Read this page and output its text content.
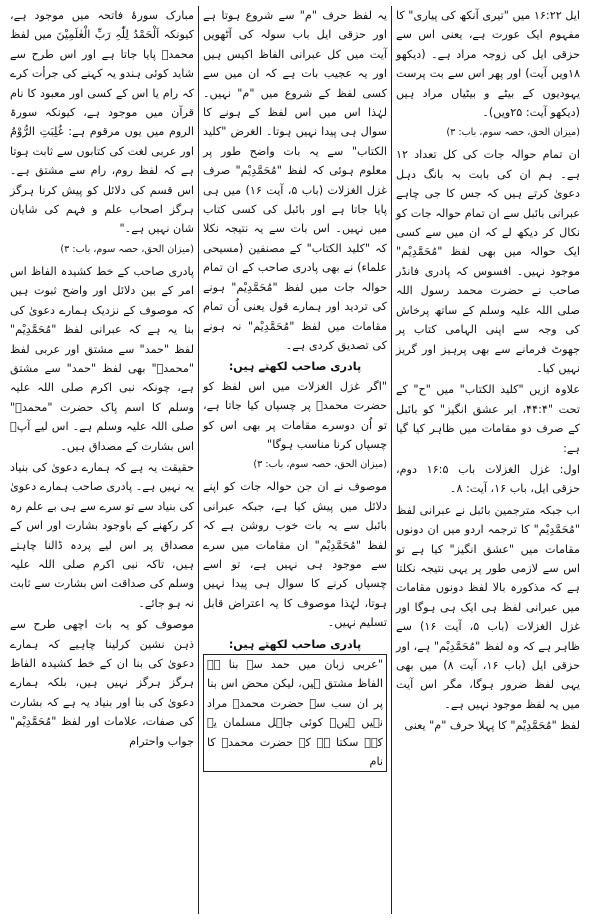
ایل ۱۶:۲۲ میں "تیری آنکھ کی پیاری" کا مفہوم ایک عورت ہے، یعنی اس سے حزقی ایل کی زوجہ مراد ہے۔ (دیکھو ۱۸ویں آیت) اور پھر اس سے بت پرست یہودیوں کے بیٹے و بیٹیاں مراد ہیں (دیکھو آیت: ۲۵ویں)۔

(میزان الحق، حصہ سوم، باب: ۳)

ان تمام حوالہ جات کی کل تعداد ۱۲ ہے۔ ہم ان کی بابت بہ بانگ دہل دعویٰ کرتے ہیں کہ جس کا جی چاہے عبرانی بائبل سے ان تمام حوالہ جات کو نکال کر دیکھ لے کہ ان میں سے کسی ایک حوالہ میں بھی لفظ "مُحَمَّدِیْم" موجود نہیں۔ افسوس کہ پادری فانڈر صاحب نے حضرت محمد رسول اللہ صلی اللہ علیہ وسلم کے ساتھ پرخاش کی وجہ سے اپنی الہامی کتاب پر جھوٹ فرمانے سے بھی پرہیز اور گریز نہیں کیا۔

علاوہ ازیں "کلید الکتاب" میں "ح" کے تحت "۴۴:۴، ابر عشق انگیز" کو بائبل کے صرف دو مقامات میں ظاہر کیا گیا ہے:

اول: غزل الغزلات باب ۱۶:۵ دوم، حزقی ایل، باب ۱۶، آیت: ۸۔

اب جبکہ مترجمین بائبل نے عبرانی لفظ "مُحَمَّدِیْم" کا ترجمہ اردو میں ان دونوں مقامات میں "عشق انگیز" کیا ہے تو اس سے لازمی طور پر یہی نتیجہ نکلتا ہے کہ مذکورہ بالا لفظ دونوں مقامات میں عبرانی لفظ ہی ایک ہی ہوگا اور غزل الغزلات (باب ۵، آیت ۱۶) سے ظاہر ہے کہ وہ لفظ "مُحَمَّدِیْم" ہے، اور حزقی ایل (باب ۱۶، آیت ۸) میں بھی یہی لفظ ضرور ہوگا، مگر اس آیت میں یہ لفظ موجود نہیں ہے۔

لفظ "مُحَمَّدِیْم" کا پہلا حرف "م" یعنی

یہ لفظ حرف "م" سے شروع ہوتا ہے اور حزقی ایل باب سولہ کی آٹھویں آیت میں کل عبرانی الفاظ اکیس ہیں اور یہ عجیب بات ہے کہ ان میں سے کسی لفظ کے شروع میں "م" نہیں۔ لہٰذا اس میں اس لفظ کے ہونے کا سوال ہی پیدا نہیں ہوتا۔ الغرض "کلید الکتاب" سے یہ بات واضح طور پر معلوم ہوئی کہ لفظ "مُحَمَّدِیْم" صرف غزل الغزلات (باب ۵، آیت ۱۶) میں ہی پایا جاتا ہے اور بائبل کی کسی کتاب میں نہیں۔ اس بات سے یہ نتیجہ نکلا کہ "کلید الکتاب" کے مصنفین (مسیحی علماء) نے بھی پادری صاحب کے ان تمام حوالہ جات میں لفظ "مُحَمَّدِیْم" ہونے کی تردید اور ہمارے قول یعنی اُن تمام مقامات میں لفظ "مُحَمَّدِیْم" نہ ہونے کی تصدیق کردی ہے۔

پادری صاحب لکھتے ہیں:

"اگر غزل الغزلات میں اس لفظ کو حضرت محمدؐ پر چسپاں کیا جاتا ہے، تو اُن دوسرے مقامات پر بھی اس کو چسپاں کرنا مناسب ہوگا"

(میزان الحق، حصہ سوم، باب: ۳)

موصوف نے ان جن حوالہ جات کو اپنے دلائل میں پیش کیا ہے، جبکہ عبرانی بائبل سے یہ بات خوب روشن ہے کہ لفظ "مُحَمَّدِیْم" ان مقامات میں سرے سے موجود ہی نہیں ہے، تو اسے چسپاں کرنے کا سوال ہی پیدا نہیں ہوتا، لہٰذا موصوف کا یہ اعتراض قابل تسلیم نہیں۔

پادری صاحب لکھتے ہیں:

"عربی زبان میں حمد سے بنا ہے الفاظ مشتق ہیں، لیکن محض اس بنا پر ان سب سے حضرت محمدؐ مراد نہیں ہیں۔ کوئی جاہل مسلمان یہ کہہ سکتا ہے کہ حضرت محمدؐ کا نام

مبارک سورۂ فاتحہ میں موجود ہے، کیونکہ اَلْحَمْدُ لِلّٰہِ رَبِّ الْعٰلَمِیْنَ میں لفظ محمدؐ پایا جاتا ہے اور اس طرح سے شاید کوئی ہندو یہ کہنے کی جرأت کرے کہ رام یا اس کے کسی اور معبود کا نام قرآن میں موجود ہے، کیونکہ سورۃ الروم میں یوں مرقوم ہے: غُلِبَتِ الرُّوْمُ اور عربی لغت کی کتابوں سے ثابت ہوتا ہے کہ لفظ روم، رام سے مشتق ہے۔ اس قسم کی دلائل کو پیش کرنا ہرگز ہرگز اصحاب علم و فہم کی شایان شان نہیں ہے۔"

(میزان الحق، حصہ سوم، باب: ۳)

پادری صاحب کے خط کشیدہ الفاظ اس امر کے بین دلائل اور واضح ثبوت ہیں کہ موصوف کے نزدیک ہمارے دعویٰ کی بنا یہ ہے کہ عبرانی لفظ "مُحَمَّدِیْم" لفظ "حمد" سے مشتق اور عربی لفظ "محمدؐ" بھی لفظ "حمد" سے مشتق ہے، چونکہ نبی اکرم صلی اللہ علیہ وسلم کا اسم پاک حضرت "محمدؐ" صلی اللہ علیہ وسلم ہے۔ اس لیے آپؐ اس بشارت کے مصداق ہیں۔

حقیقت یہ ہے کہ ہمارے دعویٰ کی بنیاد یہ نہیں ہے۔ پادری صاحب ہمارے دعویٰ کی بنیاد سے تو سرے سے ہی بے علم رہ کر رکھنے کے باوجود بشارت اور اس کے مصداق پر اس لیے پردہ ڈالنا چاہتے ہیں، تاکہ نبی اکرم صلی اللہ علیہ وسلم کی صداقت اس بشارت سے ثابت نہ ہو جائے۔

موصوف کو یہ بات اچھی طرح سے ذہن نشین کرلینا چاہیے کہ ہمارے دعویٰ کی بنا ان کے خط کشیدہ الفاظ ہرگز ہرگز نہیں ہیں، بلکہ ہمارے دعویٰ کی بنا اور بنیاد یہ ہے کہ بشارت کی صفات، علامات اور لفظ "مُحَمَّدِیْم" جواب واحترام
